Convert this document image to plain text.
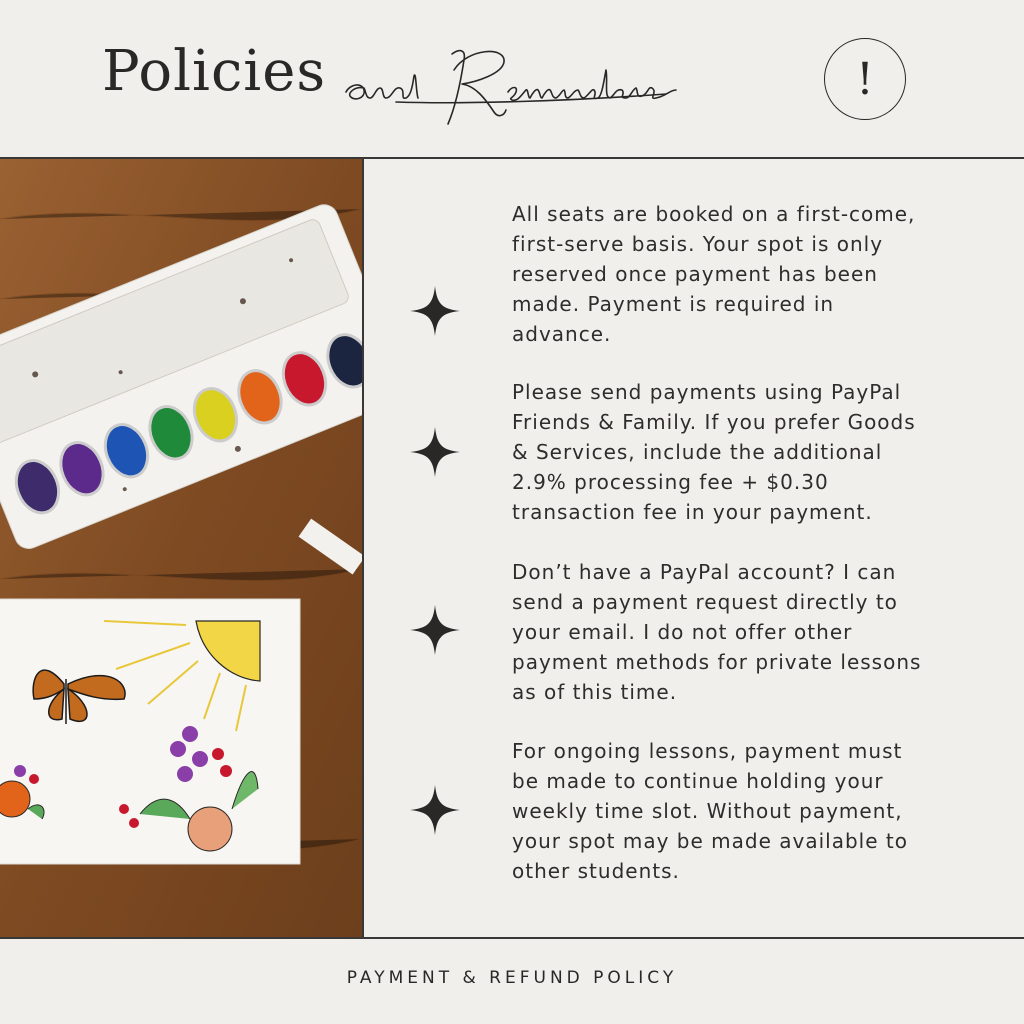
Policies	!

All seats are booked on a first-come,
first-serve basis. Your spot is only
reserved once payment has been
made. Payment is required in
advance.

Please send payments using PayPal
Friends & Family. If you prefer Goods
& Services, include the additional
2.9% processing fee + $0.30
transaction fee in your payment.

Don’t have a PayPal account? I can
send a payment request directly to
your email. I do not offer other
payment methods for private lessons
as of this time.

For ongoing lessons, payment must
be made to continue holding your
weekly time slot. Without payment,
your spot may be made available to
other students.

PAYMENT & REFUND POLICY
